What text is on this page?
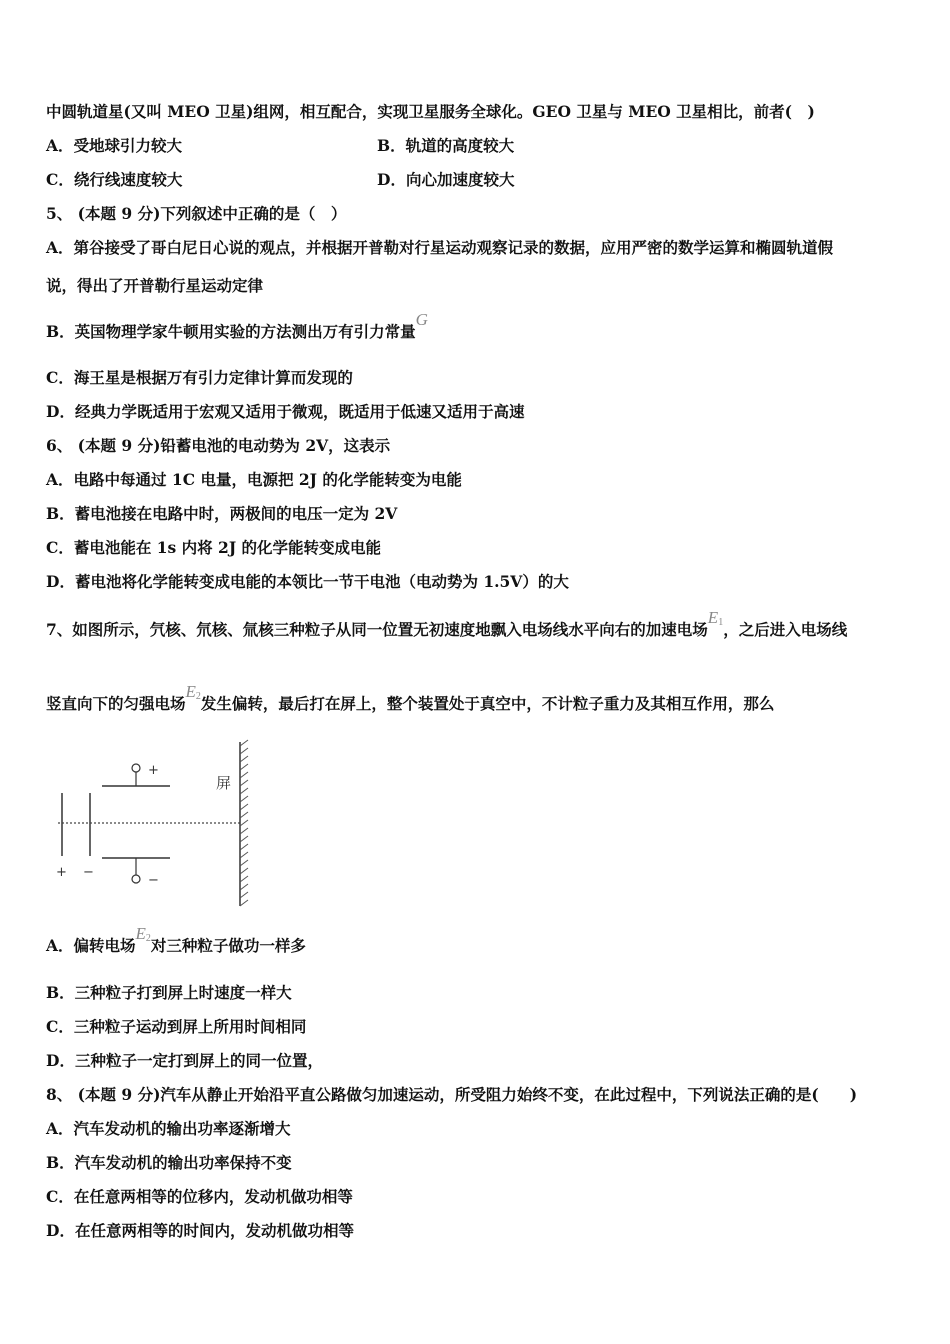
中圆轨道星(又叫 MEO 卫星)组网，相互配合，实现卫星服务全球化。GEO 卫星与 MEO 卫星相比，前者(　)
A．受地球引力较大	B．轨道的高度较大
C．绕行线速度较大	D．向心加速度较大
5、 (本题 9 分)下列叙述中正确的是（　）
A．第谷接受了哥白尼日心说的观点，并根据开普勒对行星运动观察记录的数据，应用严密的数学运算和椭圆轨道假
说，得出了开普勒行星运动定律
B．英国物理学家牛顿用实验的方法测出万有引力常量G
C．海王星是根据万有引力定律计算而发现的
D．经典力学既适用于宏观又适用于微观，既适用于低速又适用于高速
6、 (本题 9 分)铅蓄电池的电动势为 2V，这表示
A．电路中每通过 1C 电量，电源把 2J 的化学能转变为电能
B．蓄电池接在电路中时，两极间的电压一定为 2V
C．蓄电池能在 1s 内将 2J 的化学能转变成电能
D．蓄电池将化学能转变成电能的本领比一节干电池（电动势为 1.5V）的大
7、如图所示，氕核、氘核、氚核三种粒子从同一位置无初速度地飘入电场线水平向右的加速电场$E_1$，之后进入电场线
竖直向下的匀强电场$E_2$发生偏转，最后打在屏上，整个装置处于真空中，不计粒子重力及其相互作用，那么
+ −
+
−
屏
A．偏转电场$E_2$对三种粒子做功一样多
B．三种粒子打到屏上时速度一样大
C．三种粒子运动到屏上所用时间相同
D．三种粒子一定打到屏上的同一位置，
8、 (本题 9 分)汽车从静止开始沿平直公路做匀加速运动，所受阻力始终不变，在此过程中，下列说法正确的是(　　)
A．汽车发动机的输出功率逐渐增大
B．汽车发动机的输出功率保持不变
C．在任意两相等的位移内，发动机做功相等
D．在任意两相等的时间内，发动机做功相等
